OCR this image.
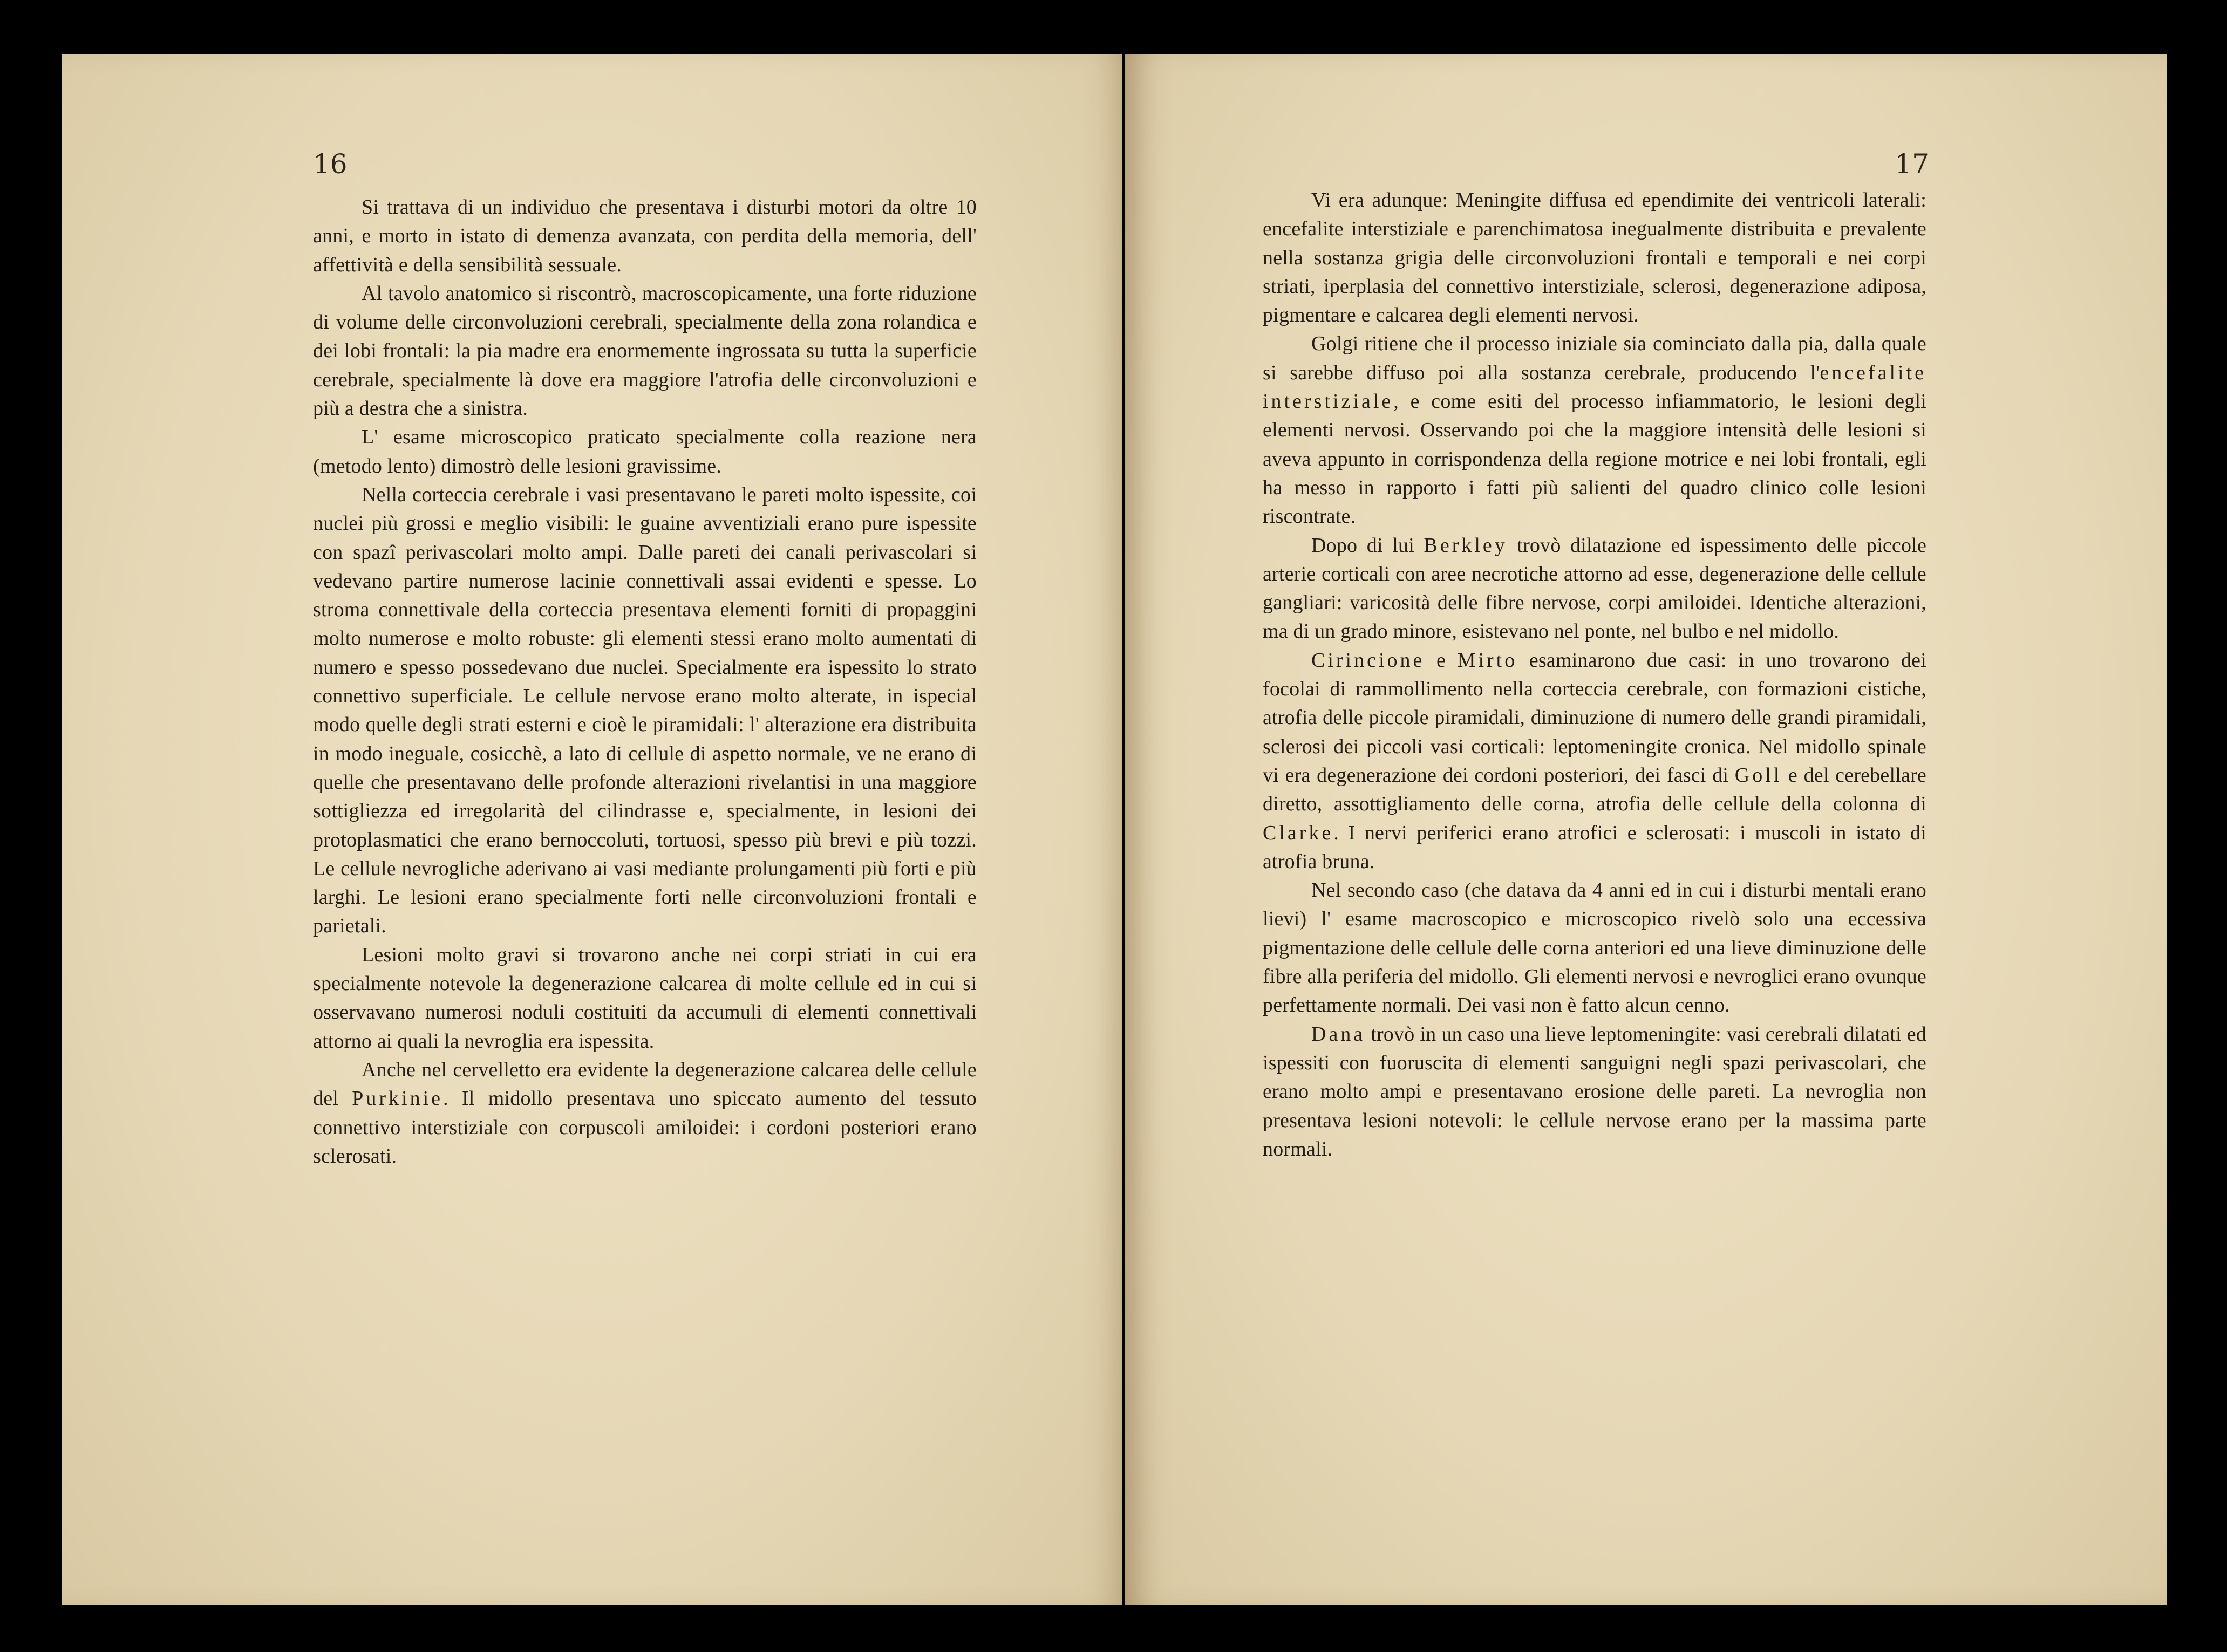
16

Si trattava di un individuo che presentava i disturbi motori da oltre 10 anni, e morto in istato di demenza avanzata, con perdita della memoria, dell' affettività e della sensibilità sessuale.

Al tavolo anatomico si riscontrò, macroscopicamente, una forte riduzione di volume delle circonvoluzioni cerebrali, specialmente della zona rolandica e dei lobi frontali: la pia madre era enormemente ingrossata su tutta la superficie cerebrale, specialmente là dove era maggiore l'atrofia delle circonvoluzioni e più a destra che a sinistra.

L' esame microscopico praticato specialmente colla reazione nera (metodo lento) dimostrò delle lesioni gravissime.

Nella corteccia cerebrale i vasi presentavano le pareti molto ispessite, coi nuclei più grossi e meglio visibili: le guaine avventiziali erano pure ispessite con spazî perivascolari molto ampi. Dalle pareti dei canali perivascolari si vedevano partire numerose lacinie connettivali assai evidenti e spesse. Lo stroma connettivale della corteccia presentava elementi forniti di propaggini molto numerose e molto robuste: gli elementi stessi erano molto aumentati di numero e spesso possedevano due nuclei. Specialmente era ispessito lo strato connettivo superficiale. Le cellule nervose erano molto alterate, in ispecial modo quelle degli strati esterni e cioè le piramidali: l' alterazione era distribuita in modo ineguale, cosicchè, a lato di cellule di aspetto normale, ve ne erano di quelle che presentavano delle profonde alterazioni rivelantisi in una maggiore sottigliezza ed irregolarità del cilindrasse e, specialmente, in lesioni dei protoplasmatici che erano bernoccoluti, tortuosi, spesso più brevi e più tozzi. Le cellule nevrogliche aderivano ai vasi mediante prolungamenti più forti e più larghi. Le lesioni erano specialmente forti nelle circonvoluzioni frontali e parietali.

Lesioni molto gravi si trovarono anche nei corpi striati in cui era specialmente notevole la degenerazione calcarea di molte cellule ed in cui si osservavano numerosi noduli costituiti da accumuli di elementi connettivali attorno ai quali la nevroglia era ispessita.

Anche nel cervelletto era evidente la degenerazione calcarea delle cellule del Purkinie. Il midollo presentava uno spiccato aumento del tessuto connettivo interstiziale con corpuscoli amiloidei: i cordoni posteriori erano sclerosati.

17

Vi era adunque: Meningite diffusa ed ependimite dei ventricoli laterali: encefalite interstiziale e parenchimatosa inegualmente distribuita e prevalente nella sostanza grigia delle circonvoluzioni frontali e temporali e nei corpi striati, iperplasia del connettivo interstiziale, sclerosi, degenerazione adiposa, pigmentare e calcarea degli elementi nervosi.

Golgi ritiene che il processo iniziale sia cominciato dalla pia, dalla quale si sarebbe diffuso poi alla sostanza cerebrale, producendo l'encefalite interstiziale, e come esiti del processo infiammatorio, le lesioni degli elementi nervosi. Osservando poi che la maggiore intensità delle lesioni si aveva appunto in corrispondenza della regione motrice e nei lobi frontali, egli ha messo in rapporto i fatti più salienti del quadro clinico colle lesioni riscontrate.

Dopo di lui Berkley trovò dilatazione ed ispessimento delle piccole arterie corticali con aree necrotiche attorno ad esse, degenerazione delle cellule gangliari: varicosità delle fibre nervose, corpi amiloidei. Identiche alterazioni, ma di un grado minore, esistevano nel ponte, nel bulbo e nel midollo.

Cirincione e Mirto esaminarono due casi: in uno trovarono dei focolai di rammollimento nella corteccia cerebrale, con formazioni cistiche, atrofia delle piccole piramidali, diminuzione di numero delle grandi piramidali, sclerosi dei piccoli vasi corticali: leptomeningite cronica. Nel midollo spinale vi era degenerazione dei cordoni posteriori, dei fasci di Goll e del cerebellare diretto, assottigliamento delle corna, atrofia delle cellule della colonna di Clarke. I nervi periferici erano atrofici e sclerosati: i muscoli in istato di atrofia bruna.

Nel secondo caso (che datava da 4 anni ed in cui i disturbi mentali erano lievi) l' esame macroscopico e microscopico rivelò solo una eccessiva pigmentazione delle cellule delle corna anteriori ed una lieve diminuzione delle fibre alla periferia del midollo. Gli elementi nervosi e nevroglici erano ovunque perfettamente normali. Dei vasi non è fatto alcun cenno.

Dana trovò in un caso una lieve leptomeningite: vasi cerebrali dilatati ed ispessiti con fuoruscita di elementi sanguigni negli spazi perivascolari, che erano molto ampi e presentavano erosione delle pareti. La nevroglia non presentava lesioni notevoli: le cellule nervose erano per la massima parte normali.
